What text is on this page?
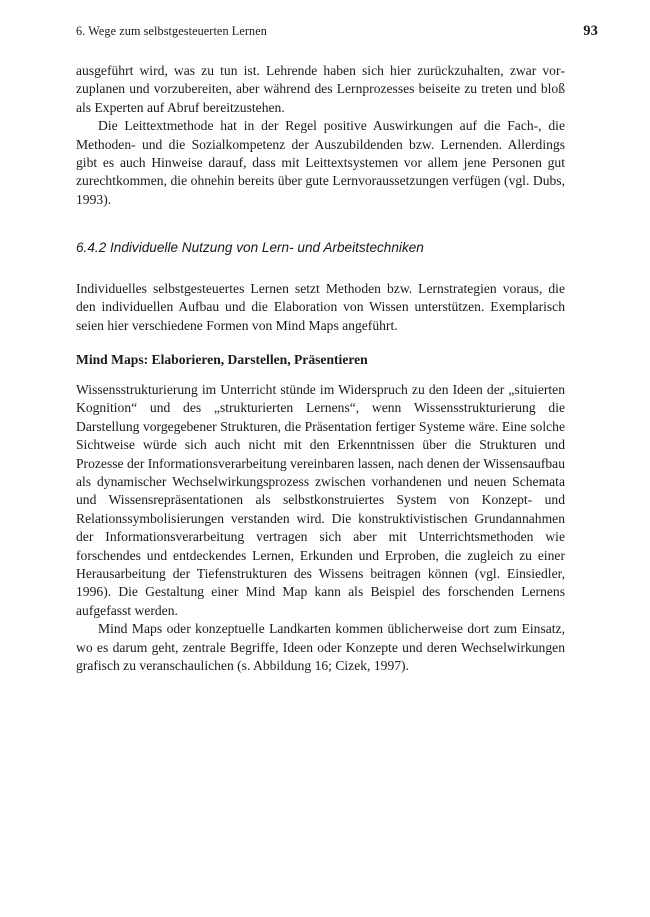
6. Wege zum selbstgesteuerten Lernen	93

ausgeführt wird, was zu tun ist. Lehrende haben sich hier zurückzuhalten, zwar vorzuplanen und vorzubereiten, aber während des Lernprozesses beiseite zu treten und bloß als Experten auf Abruf bereitzustehen.

Die Leittextmethode hat in der Regel positive Auswirkungen auf die Fach-, die Methoden- und die Sozialkompetenz der Auszubildenden bzw. Lernenden. Allerdings gibt es auch Hinweise darauf, dass mit Leittextsystemen vor allem jene Personen gut zurechtkommen, die ohnehin bereits über gute Lernvoraussetzungen verfügen (vgl. Dubs, 1993).

6.4.2 Individuelle Nutzung von Lern- und Arbeitstechniken

Individuelles selbstgesteuertes Lernen setzt Methoden bzw. Lernstrategien voraus, die den individuellen Aufbau und die Elaboration von Wissen unterstützen. Exemplarisch seien hier verschiedene Formen von Mind Maps angeführt.

Mind Maps: Elaborieren, Darstellen, Präsentieren

Wissensstrukturierung im Unterricht stünde im Widerspruch zu den Ideen der „situierten Kognition“ und des „strukturierten Lernens“, wenn Wissensstrukturierung die Darstellung vorgegebener Strukturen, die Präsentation fertiger Systeme wäre. Eine solche Sichtweise würde sich auch nicht mit den Erkenntnissen über die Strukturen und Prozesse der Informationsverarbeitung vereinbaren lassen, nach denen der Wissensaufbau als dynamischer Wechselwirkungsprozess zwischen vorhandenen und neuen Schemata und Wissensrepräsentationen als selbstkonstruiertes System von Konzept- und Relationssymbolisierungen verstanden wird. Die konstruktivistischen Grundannahmen der Informationsverarbeitung vertragen sich aber mit Unterrichtsmethoden wie forschendes und entdeckendes Lernen, Erkunden und Erproben, die zugleich zu einer Herausarbeitung der Tiefenstrukturen des Wissens beitragen können (vgl. Einsiedler, 1996). Die Gestaltung einer Mind Map kann als Beispiel des forschenden Lernens aufgefasst werden.

Mind Maps oder konzeptuelle Landkarten kommen üblicherweise dort zum Einsatz, wo es darum geht, zentrale Begriffe, Ideen oder Konzepte und deren Wechselwirkungen grafisch zu veranschaulichen (s. Abbildung 16; Cizek, 1997).
